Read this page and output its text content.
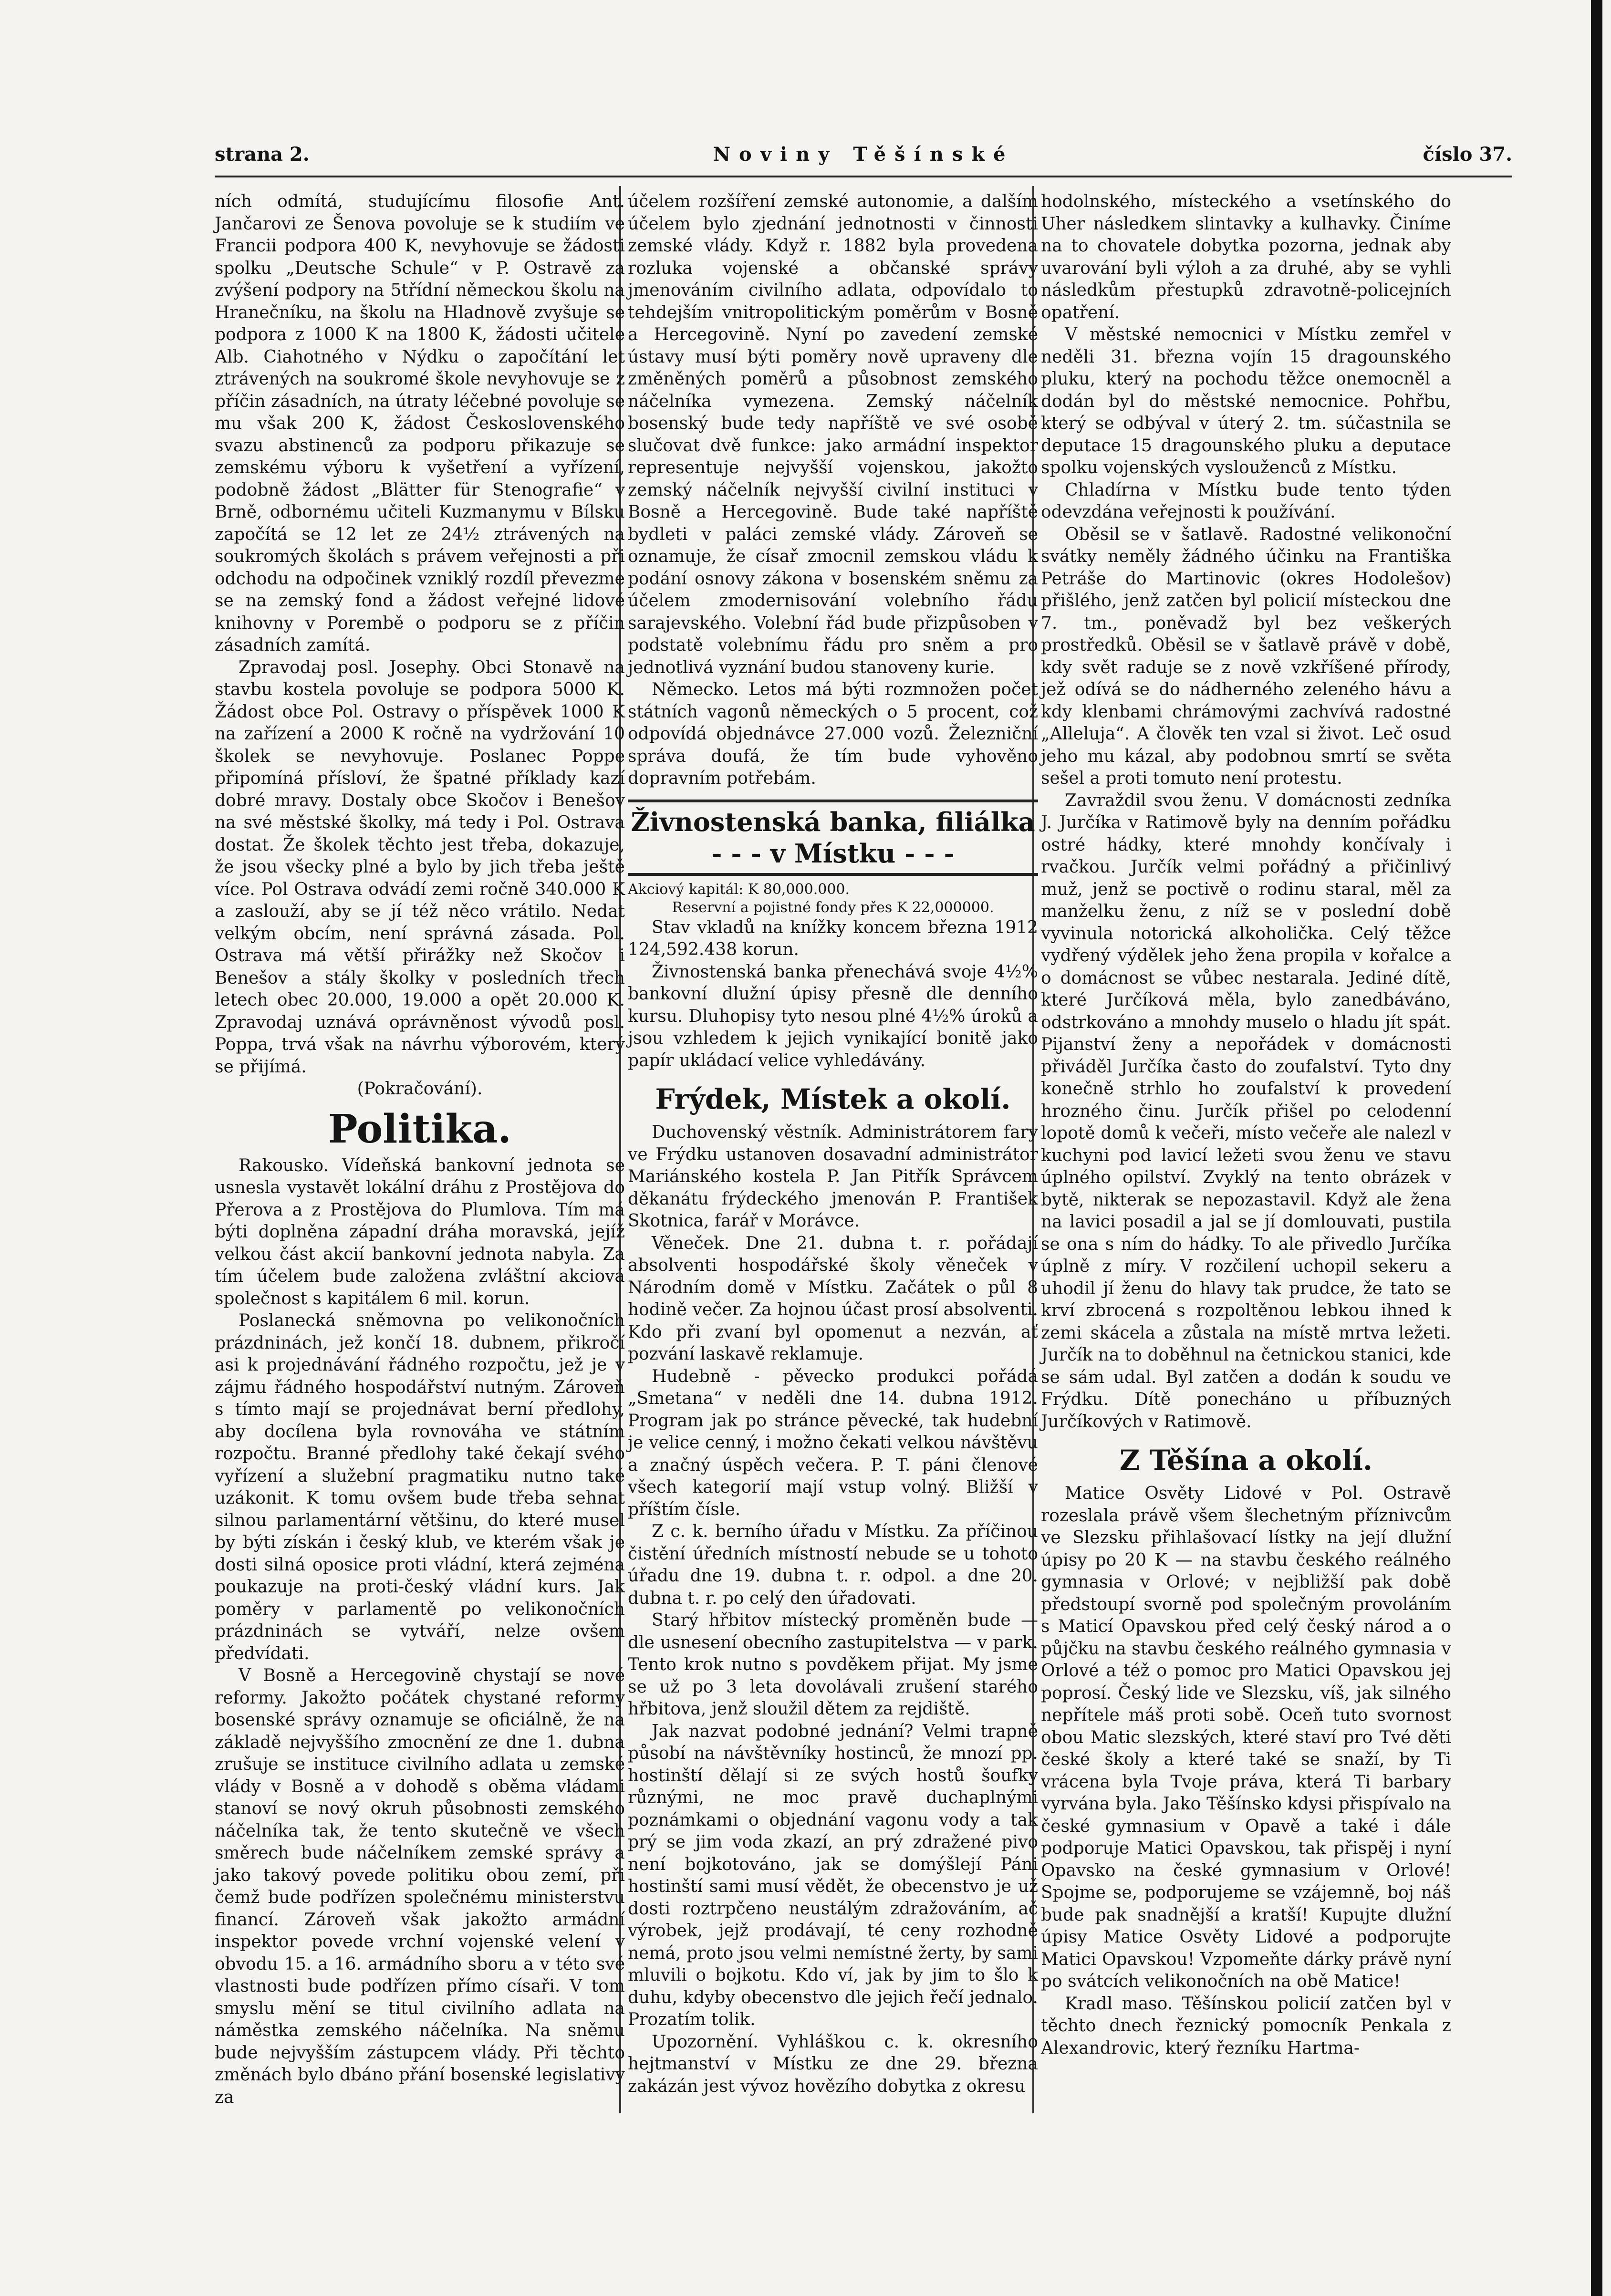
strana 2.	Noviny Těšínské	číslo 37.

ních odmítá, studujícímu filosofie Ant. Jančarovi ze Šenova povoluje se k studiím ve Francii podpora 400 K, nevyhovuje se žádosti spolku „Deutsche Schule“ v P. Ostravě za zvýšení podpory na 5třídní německou školu na Hranečníku, na školu na Hladnově zvyšuje se podpora z 1000 K na 1800 K, žádosti učitele Alb. Ciahotného v Nýdku o započítání let ztrávených na soukromé škole nevyhovuje se z příčin zásadních, na útraty léčebné povoluje se mu však 200 K, žádost Československého svazu abstinenců za podporu přikazuje se zemskému výboru k vyšetření a vyřízení, podobně žádost „Blätter für Stenografie“ v Brně, odbornému učiteli Kuzmanymu v Bílsku započítá se 12 let ze 24½ ztrávených na soukromých školách s právem veřejnosti a při odchodu na odpočinek vzniklý rozdíl převezme se na zemský fond a žádost veřejné lidové knihovny v Porembě o podporu se z příčin zásadních zamítá.

Zpravodaj posl. Josephy. Obci Stonavě na stavbu kostela povoluje se podpora 5000 K. Žádost obce Pol. Ostravy o příspěvek 1000 K na zařízení a 2000 K ročně na vydržování 10 školek se nevyhovuje. Poslanec Poppe připomíná přísloví, že špatné příklady kazí dobré mravy. Dostaly obce Skočov i Benešov na své městské školky, má tedy i Pol. Ostrava dostat. Že školek těchto jest třeba, dokazuje, že jsou všecky plné a bylo by jich třeba ještě více. Pol Ostrava odvádí zemi ročně 340.000 K a zaslouží, aby se jí též něco vrátilo. Nedat velkým obcím, není správná zásada. Pol. Ostrava má větší přirážky než Skočov i Benešov a stály školky v posledních třech letech obec 20.000, 19.000 a opět 20.000 K. Zpravodaj uznává oprávněnost vývodů posl. Poppa, trvá však na návrhu výborovém, který se přijímá.

(Pokračování).

Politika.

Rakousko. Vídeňská bankovní jednota se usnesla vystavět lokální dráhu z Prostějova do Přerova a z Prostějova do Plumlova. Tím má býti doplněna západní dráha moravská, jejíž velkou část akcií bankovní jednota nabyla. Za tím účelem bude založena zvláštní akciová společnost s kapitálem 6 mil. korun.

Poslanecká sněmovna po velikonočních prázdninách, jež končí 18. dubnem, přikročí asi k projednávání řádného rozpočtu, jež je v zájmu řádného hospodářství nutným. Zároveň s tímto mají se projednávat berní předlohy, aby docílena byla rovnováha ve státním rozpočtu. Branné předlohy také čekají svého vyřízení a služební pragmatiku nutno také uzákonit. K tomu ovšem bude třeba sehnat silnou parlamentární většinu, do které musel by býti získán i český klub, ve kterém však je dosti silná oposice proti vládní, která zejména poukazuje na proti-český vládní kurs. Jak poměry v parlamentě po velikonočních prázdninách se vytváří, nelze ovšem předvídati.

V Bosně a Hercegovině chystají se nové reformy. Jakožto počátek chystané reformy bosenské správy oznamuje se oficiálně, že na základě nejvyššího zmocnění ze dne 1. dubna zrušuje se instituce civilního adlata u zemské vlády v Bosně a v dohodě s oběma vládami stanoví se nový okruh působnosti zemského náčelníka tak, že tento skutečně ve všech směrech bude náčelníkem zemské správy a jako takový povede politiku obou zemí, při čemž bude podřízen společnému ministerstvu financí. Zároveň však jakožto armádní inspektor povede vrchní vojenské velení v obvodu 15. a 16. armádního sboru a v této své vlastnosti bude podřízen přímo císaři. V tom smyslu mění se titul civilního adlata na náměstka zemského náčelníka. Na sněmu bude nejvyšším zástupcem vlády. Při těchto změnách bylo dbáno přání bosenské legislativy za

účelem rozšíření zemské autonomie, a dalším účelem bylo zjednání jednotnosti v činnosti zemské vlády. Když r. 1882 byla provedena rozluka vojenské a občanské správy jmenováním civilního adlata, odpovídalo to tehdejším vnitropolitickým poměrům v Bosně a Hercegovině. Nyní po zavedení zemské ústavy musí býti poměry nově upraveny dle změněných poměrů a působnost zemského náčelníka vymezena. Zemský náčelník bosenský bude tedy napříště ve své osobě slučovat dvě funkce: jako armádní inspektor representuje nejvyšší vojenskou, jakožto zemský náčelník nejvyšší civilní instituci v Bosně a Hercegovině. Bude také napříště bydleti v paláci zemské vlády. Zároveň se oznamuje, že císař zmocnil zemskou vládu k podání osnovy zákona v bosenském sněmu za účelem zmodernisování volebního řádu sarajevského. Volební řád bude přizpůsoben v podstatě volebnímu řádu pro sněm a pro jednotlivá vyznání budou stanoveny kurie.

Německo. Letos má býti rozmnožen počet státních vagonů německých o 5 procent, což odpovídá objednávce 27.000 vozů. Železniční správa doufá, že tím bude vyhověno dopravním potřebám.

Živnostenská banka, filiálka
- - - v Místku - - -

Akciový kapitál: K 80,000.000.

Reservní a pojistné fondy přes K 22,000000.

Stav vkladů na knížky koncem března 1912 124,592.438 korun.

Živnostenská banka přenechává svoje 4½% bankovní dlužní úpisy přesně dle denního kursu. Dluhopisy tyto nesou plné 4½% úroků a jsou vzhledem k jejich vynikající bonitě jako papír ukládací velice vyhledávány.

Frýdek, Místek a okolí.

Duchovenský věstník. Administrátorem fary ve Frýdku ustanoven dosavadní administrátor Mariánského kostela P. Jan Pitřík Správcem děkanátu frýdeckého jmenován P. František Skotnica, farář v Morávce.

Věneček. Dne 21. dubna t. r. pořádají absolventi hospodářské školy věneček v Národním domě v Místku. Začátek o půl 8 hodině večer. Za hojnou účast prosí absolventi. Kdo při zvaní byl opomenut a nezván, ať pozvání laskavě reklamuje.

Hudebně - pěvecko produkci pořádá „Smetana“ v neděli dne 14. dubna 1912. Program jak po stránce pěvecké, tak hudební je velice cenný, i možno čekati velkou návštěvu a značný úspěch večera. P. T. páni členové všech kategorií mají vstup volný. Bližší v příštím čísle.

Z c. k. berního úřadu v Místku. Za příčinou čistění úředních místností nebude se u tohoto úřadu dne 19. dubna t. r. odpol. a dne 20. dubna t. r. po celý den úřadovati.

Starý hřbitov místecký proměněn bude — dle usnesení obecního zastupitelstva — v park. Tento krok nutno s povděkem přijat. My jsme se už po 3 leta dovolávali zrušení starého hřbitova, jenž sloužil dětem za rejdiště.

Jak nazvat podobné jednání? Velmi trapně působí na návštěvníky hostinců, že mnozí pp. hostinští dělají si ze svých hostů šoufky různými, ne moc pravě duchaplnými poznámkami o objednání vagonu vody a tak prý se jim voda zkazí, an prý zdražené pivo není bojkotováno, jak se domýšlejí Páni hostinští sami musí vědět, že obecenstvo je už dosti roztrpčeno neustálým zdražováním, ač výrobek, jejž prodávají, té ceny rozhodně nemá, proto jsou velmi nemístné žerty, by sami mluvili o bojkotu. Kdo ví, jak by jim to šlo k duhu, kdyby obecenstvo dle jejich řečí jednalo. Prozatím tolik.

Upozornění. Vyhláškou c. k. okresního hejtmanství v Místku ze dne 29. března zakázán jest vývoz hovězího dobytka z okresu

hodolnského, místeckého a vsetínského do Uher následkem slintavky a kulhavky. Činíme na to chovatele dobytka pozorna, jednak aby uvarování byli výloh a za druhé, aby se vyhli následkům přestupků zdravotně-policejních opatření.

V městské nemocnici v Místku zemřel v neděli 31. března vojín 15 dragounského pluku, který na pochodu těžce onemocněl a dodán byl do městské nemocnice. Pohřbu, který se odbýval v úterý 2. tm. súčastnila se deputace 15 dragounského pluku a deputace spolku vojenských vyslouženců z Místku.

Chladírna v Místku bude tento týden odevzdána veřejnosti k používání.

Oběsil se v šatlavě. Radostné velikonoční svátky neměly žádného účinku na Františka Petráše do Martinovic (okres Hodolešov) přišlého, jenž zatčen byl policií místeckou dne 7. tm., poněvadž byl bez veškerých prostředků. Oběsil se v šatlavě právě v době, kdy svět raduje se z nově vzkříšené přírody, jež odívá se do nádherného zeleného hávu a kdy klenbami chrámovými zachvívá radostné „Alleluja“. A člověk ten vzal si život. Leč osud jeho mu kázal, aby podobnou smrtí se světa sešel a proti tomuto není protestu.

Zavraždil svou ženu. V domácnosti zedníka J. Jurčíka v Ratimově byly na denním pořádku ostré hádky, které mnohdy končívaly i rvačkou. Jurčík velmi pořádný a přičinlivý muž, jenž se poctivě o rodinu staral, měl za manželku ženu, z níž se v poslední době vyvinula notorická alkoholička. Celý těžce vydřený výdělek jeho žena propila v kořalce a o domácnost se vůbec nestarala. Jediné dítě, které Jurčíková měla, bylo zanedbáváno, odstrkováno a mnohdy muselo o hladu jít spát. Pijanství ženy a nepořádek v domácnosti přiváděl Jurčíka často do zoufalství. Tyto dny konečně strhlo ho zoufalství k provedení hrozného činu. Jurčík přišel po celodenní lopotě domů k večeři, místo večeře ale nalezl v kuchyni pod lavicí ležeti svou ženu ve stavu úplného opilství. Zvyklý na tento obrázek v bytě, nikterak se nepozastavil. Když ale žena na lavici posadil a jal se jí domlouvati, pustila se ona s ním do hádky. To ale přivedlo Jurčíka úplně z míry. V rozčilení uchopil sekeru a uhodil jí ženu do hlavy tak prudce, že tato se krví zbrocená s rozpoltěnou lebkou ihned k zemi skácela a zůstala na místě mrtva ležeti. Jurčík na to doběhnul na četnickou stanici, kde se sám udal. Byl zatčen a dodán k soudu ve Frýdku. Dítě ponecháno u příbuzných Jurčíkových v Ratimově.

Z Těšína a okolí.

Matice Osvěty Lidové v Pol. Ostravě rozeslala právě všem šlechetným příznivcům ve Slezsku přihlašovací lístky na její dlužní úpisy po 20 K — na stavbu českého reálného gymnasia v Orlové; v nejbližší pak době předstoupí svorně pod společným provoláním s Maticí Opavskou před celý český národ a o půjčku na stavbu českého reálného gymnasia v Orlové a též o pomoc pro Matici Opavskou jej poprosí. Český lide ve Slezsku, víš, jak silného nepřítele máš proti sobě. Oceň tuto svornost obou Matic slezských, které staví pro Tvé děti české školy a které také se snaží, by Ti vrácena byla Tvoje práva, která Ti barbary vyrvána byla. Jako Těšínsko kdysi přispívalo na české gymnasium v Opavě a také i dále podporuje Matici Opavskou, tak přispěj i nyní Opavsko na české gymnasium v Orlové! Spojme se, podporujeme se vzájemně, boj náš bude pak snadnější a kratší! Kupujte dlužní úpisy Matice Osvěty Lidové a podporujte Matici Opavskou! Vzpomeňte dárky právě nyní po svátcích velikonočních na obě Matice!

Kradl maso. Těšínskou policií zatčen byl v těchto dnech řeznický pomocník Penkala z Alexandrovic, který řezníku Hartma-
